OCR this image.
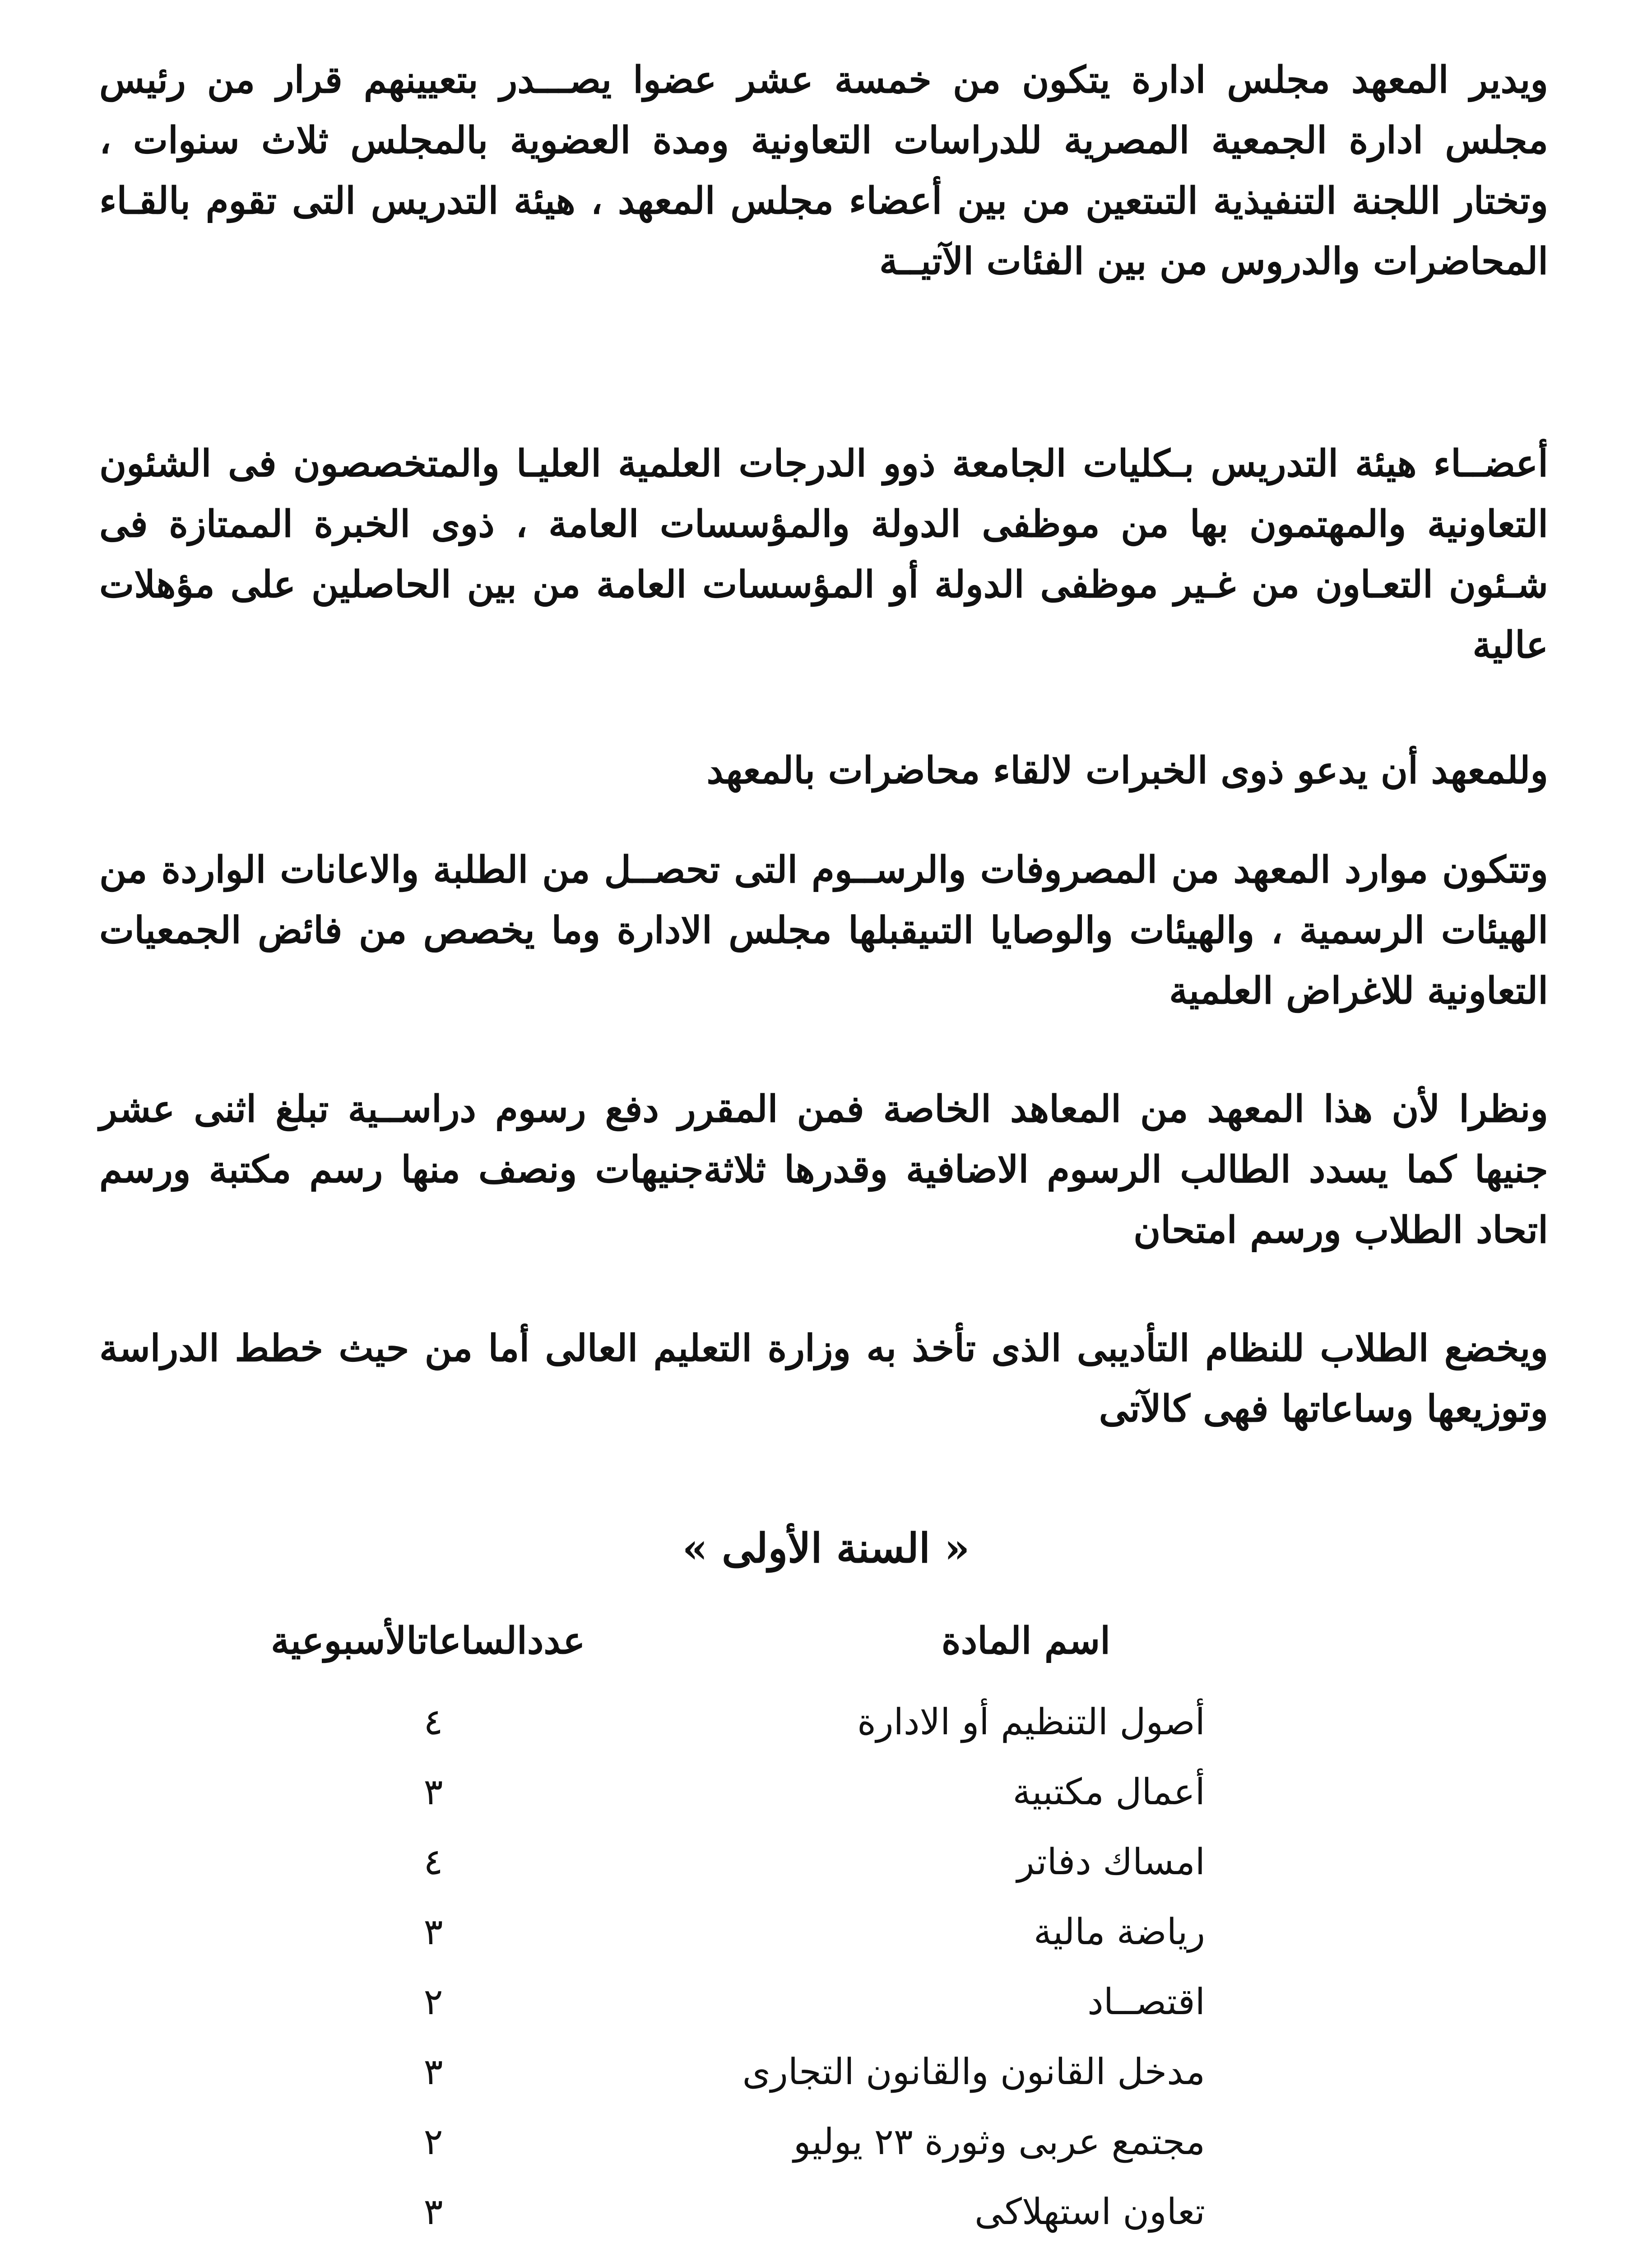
ويدير المعهد مجلس ادارة يتكون من خمسة عشر عضوا يصـــدر بتعيينهم قرار من رئيس مجلس ادارة الجمعية المصرية للدراسات التعاونية ومدة العضوية بالمجلس ثلاث سنوات ، وتختار اللجنة التنفيذية التىتعين من بين أعضاء مجلس المعهد ، هيئة التدريس التى تقوم بالقـاء المحاضرات والدروس من بين الفئات الآتيــة

أعضــاء هيئة التدريس بـكليات الجامعة ذوو الدرجات العلمية العليـا والمتخصصون فى الشئون التعاونية والمهتمون بها من موظفى الدولة والمؤسسات العامة ، ذوى الخبرة الممتازة فى شـئون التعـاون من غـير موظفى الدولة أو المؤسسات العامة من بين الحاصلين على مؤهلات عالية

وللمعهد أن يدعو ذوى الخبرات لالقاء محاضرات بالمعهد

وتتكون موارد المعهد من المصروفات والرســوم التى تحصــل من الطلبة والاعانات الواردة من الهيئات الرسمية ، والهيئات والوصايا التىيقبلها مجلس الادارة وما يخصص من فائض الجمعيات التعاونية للاغراض العلمية

ونظرا لأن هذا المعهد من المعاهد الخاصة فمن المقرر دفع رسوم دراســية تبلغ اثنى عشر جنيها كما يسدد الطالب الرسوم الاضافية وقدرها ثلاثةجنيهات ونصف منها رسم مكتبة ورسم اتحاد الطلاب ورسم امتحان

ويخضع الطلاب للنظام التأديبى الذى تأخذ به وزارة التعليم العالى أما من حيث خطط الدراسة وتوزيعها وساعاتها فهى كالآتى

« السنة الأولى »
اسم المادة
عددالساعاتالأسبوعية
أصول التنظيم أو الادارة
٤
أعمال مكتبية
٣
امساك دفاتر
٤
رياضة مالية
٣
اقتصــاد
٢
مدخل القانون والقانون التجارى
٣
مجتمع عربى وثورة ٢٣ يوليو
٢
تعاون استهلاكى
٣
